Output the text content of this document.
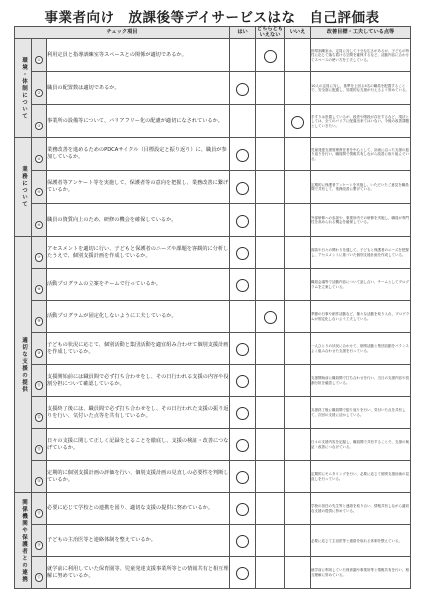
事業者向け　放課後等デイサービスはな　自己評価表
チェック項目			はい	どちらとも
いえない	いいえ	改善目標・工夫している点等
環境・体制について	①	利用定員と指導訓練室等スペースとの関係が適切であるか。				指導訓練室は、定員に対して十分な広さがあるが、子どもの特性に応じて落ち着ける空間を確保するなど、活動内容に合わせてスペースの使い方を工夫している。

	②	職員の配置数は適切であるか。				10人の定員に対し、基準を上回る4名の職員を配置することで、安全面に配慮し、効果的な支援が行えるよう努めている。

	③	事業所の設備等について、バリアフリー化の配慮が適切になされているか。				手すりは設置しているが、段差や階段が存在するなど、現状としては、全てのバリアに配慮出来てはいない。今後の改善課題としていきたい。

業務について	④	業務改善を進めるためのPDCAサイクル（目標設定と振り返り）に、職員が参加しているか。				児童発達支援管理責任者を中心として、計画に沿った支援の振り返りを行い、職員間で情報共有しながら改善に取り組んでいる。

	⑤	保護者等アンケート等を実施して、保護者等の意向を把握し、業務改善に繋げているか。				定期的に保護者アンケートを実施し、いただいたご意見を職員間で共有して、業務改善に繋げている。

	⑥	職員の資質向上のため、研修の機会を確保しているか。				外部研修への参加や、事業所内での研修を実施し、職員が専門性を高められる機会を確保している。

適切な支援の提供	⑦	アセスメントを適切に行い、子どもと保護者のニーズや課題を客観的に分析したうえで、個別支援計画を作成しているか。				面談や日々の関わりを通して、子どもと保護者のニーズを把握し、アセスメントに基づいた個別支援計画を作成している。

	⑧	活動プログラムの立案をチームで行っているか。				職員会議等で活動内容について話し合い、チームとしてプログラムを立案している。

	⑨	活動プログラムが固定化しないように工夫しているか。				季節の行事や創作活動など、様々な活動を取り入れ、プログラムが固定化しないよう工夫している。

	⑩	子どもの状況に応じて、個別活動と集団活動を適宜組み合わせて個別支援計画を作成しているか。				一人ひとりの状況に合わせて、個別活動と集団活動をバランスよく組み合わせた支援を行っている。

	⑪	支援開始前には職員間で必ず打ち合わせをし、その日行われる支援の内容や役割分担について確認しているか。				支援開始前に職員間で打ち合わせを行い、当日の支援内容や役割分担を確認している。

	⑫	支援終了後には、職員間で必ず打ち合わせをし、その日行われた支援の振り返りを行い、気付いた点等を共有しているか。				支援終了後に職員間で振り返りを行い、気付いた点を共有して、次回の支援に活かしている。

	⑬	日々の支援に関して正しく記録をとることを徹底し、支援の検証・改善につなげているか。				日々の支援内容を記録し、職員間で共有することで、支援の検証・改善につなげている。

	⑭	定期的に個別支援計画の評価を行い、個別支援計画の見直しの必要性を判断しているか。				定期的にモニタリングを行い、必要に応じて個別支援計画の見直しを行っている。

関係機関や保護者との連携	⑮	必要に応じて学校との連携を図り、適切な支援の提供に努めているか。				学校の担任の先生等と連絡を取り合い、情報共有しながら適切な支援の提供に努めている。

	⑯	子どもの主治医等と連絡体制を整えているか。				必要に応じて主治医等と連絡を取れる体制を整えている。

	⑰	就学前に利用していた保育園等、児童発達支援事業所等との情報共有と相互理解に努めているか。				就学前に利用していた保育園や事業所等と情報共有を行い、相互理解に努めている。
